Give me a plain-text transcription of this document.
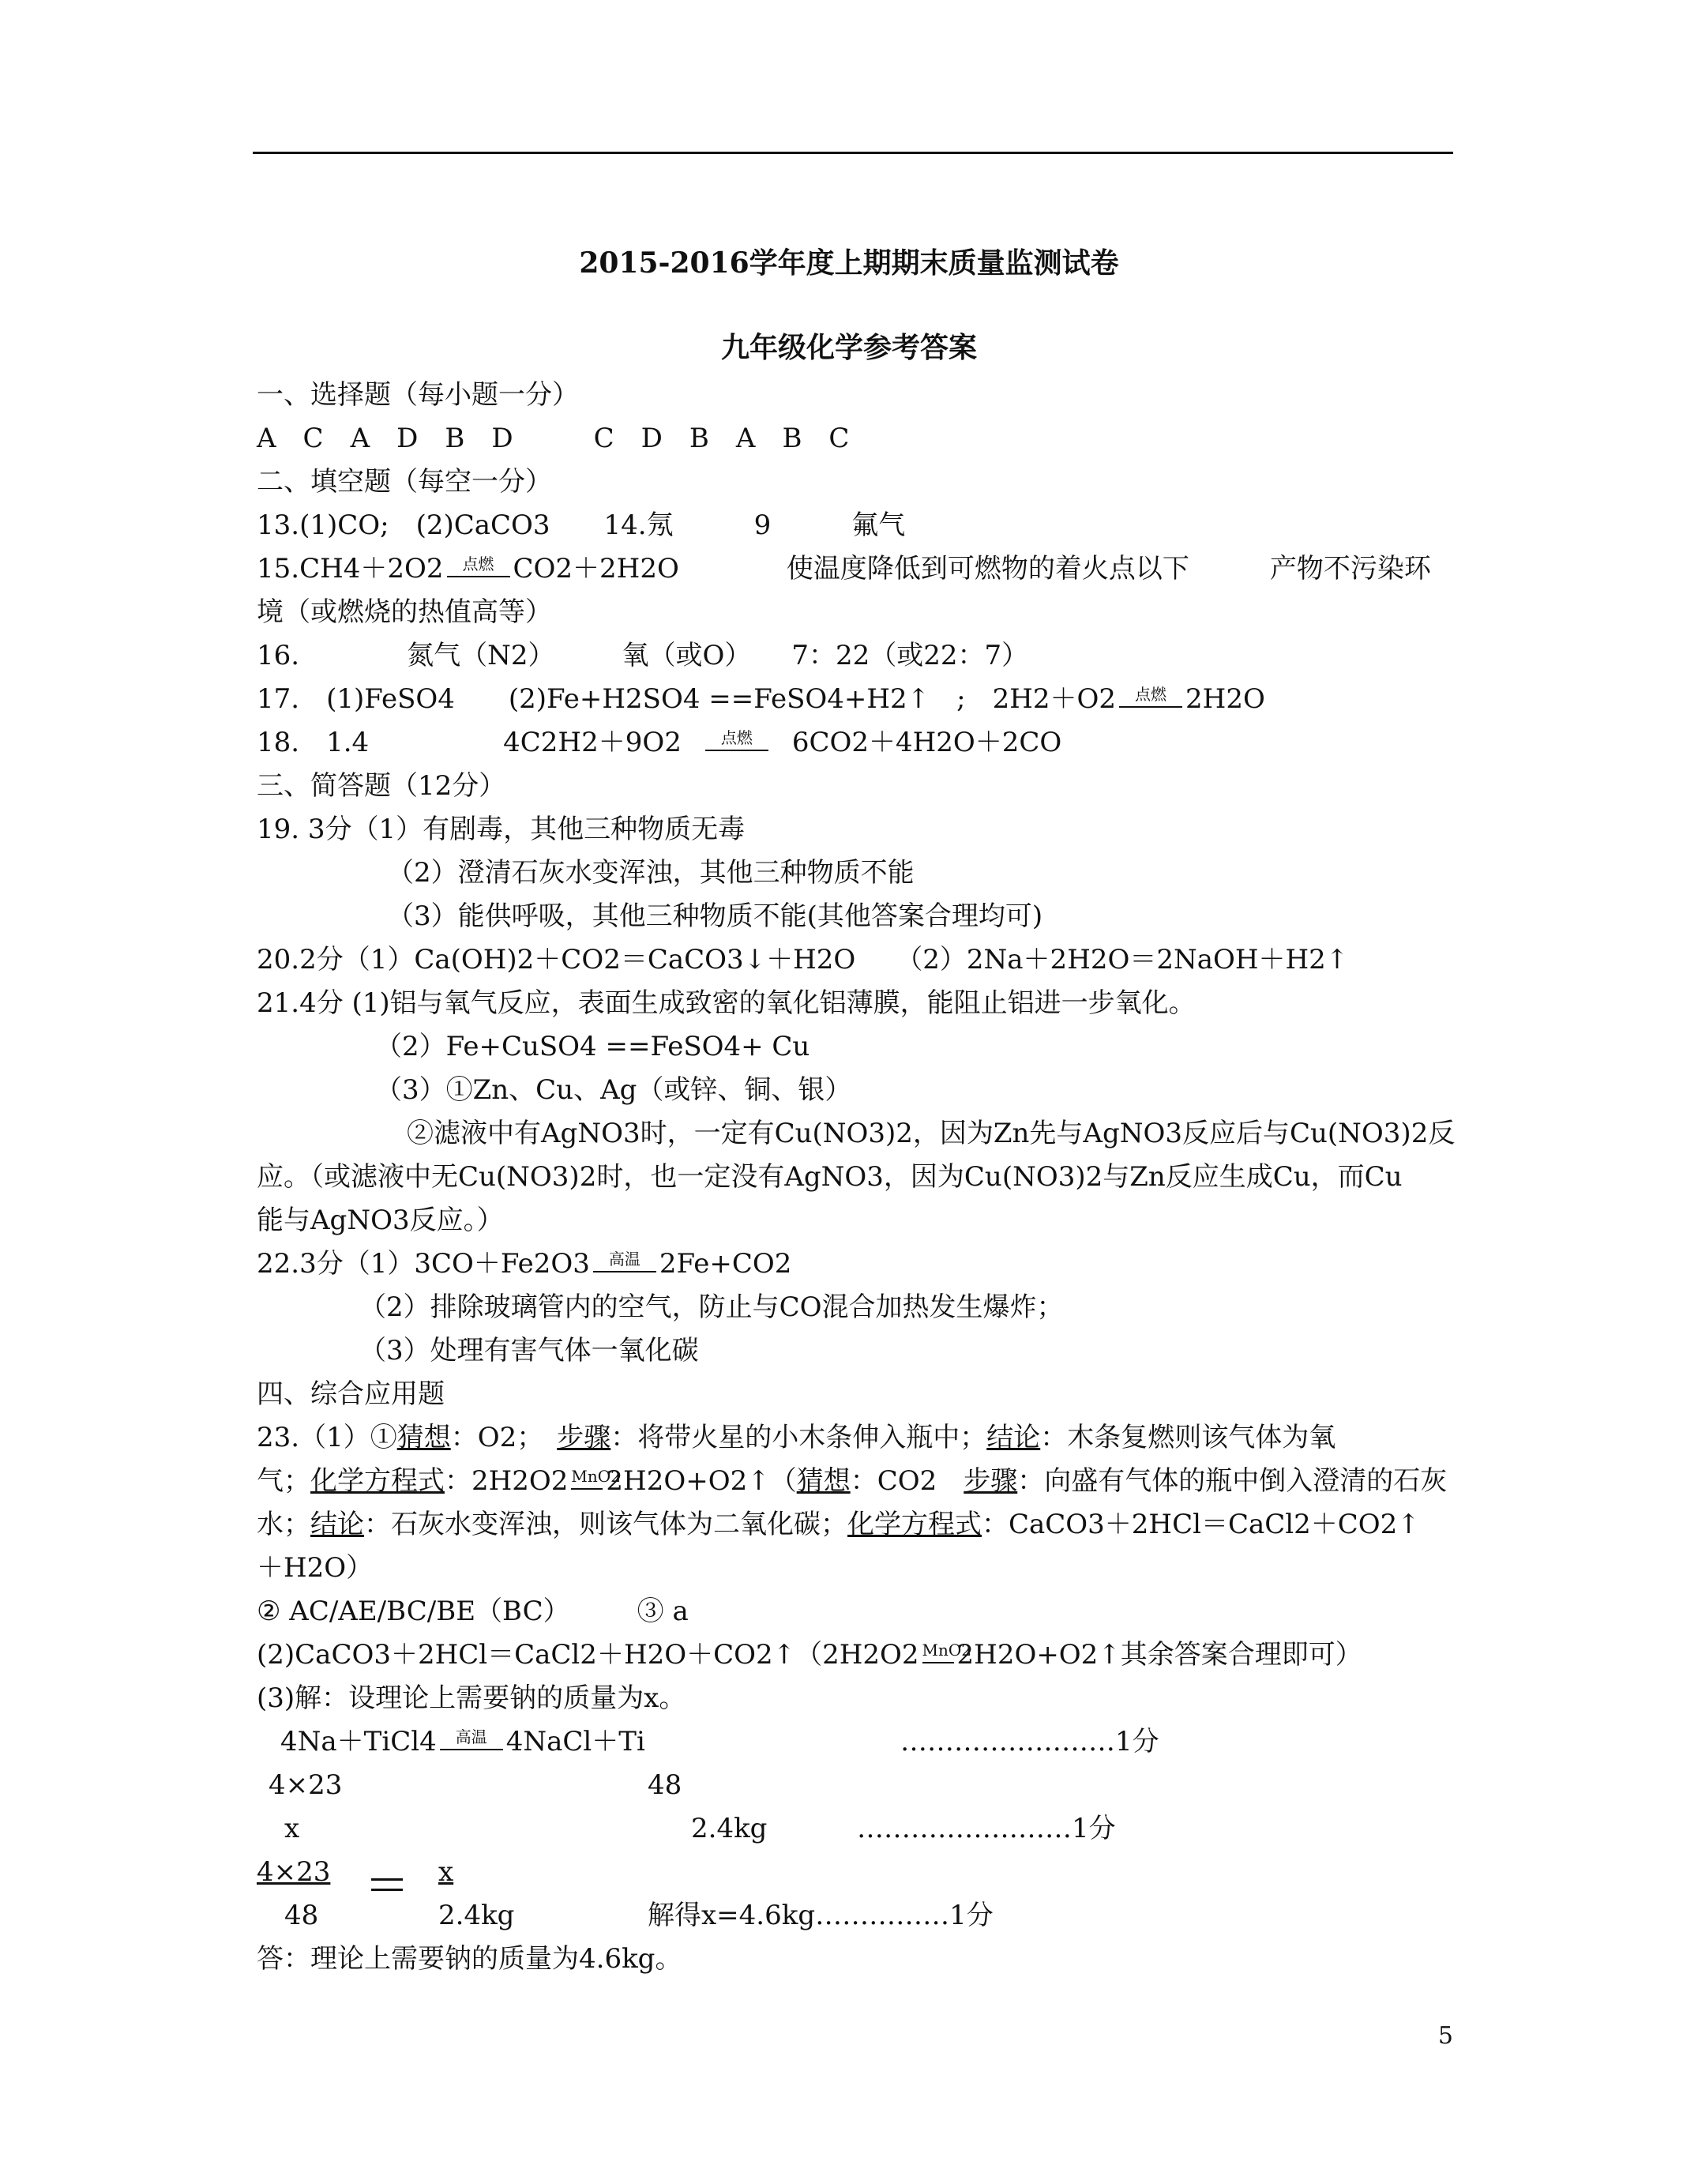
2015-2016学年度上期期末质量监测试卷
九年级化学参考答案
一、选择题（每小题一分）
A　C　A　D　B　D　　　C　D　B　A　B　C
二、填空题（每空一分）
13.(1)CO;　(2)CaCO3　　14.氖　　　9　　　氟气
15.CH4＋2O2	点燃 CO2＋2H2O　　　　使温度降低到可燃物的着火点以下　　　产物不污染环
境（或燃烧的热值高等）
16.　　　　氮气（N2）　　　氧（或O）　　7：22（或22：7）
17.　(1)FeSO4　　(2)Fe+H2SO4 ==FeSO4+H2↑　;　2H2＋O2	点燃 2H2O
18.　1.4　　　　　4C2H2＋9O2	点燃	6CO2＋4H2O＋2CO
三、简答题（12分）
19. 3分（1）有剧毒，其他三种物质无毒
（2）澄清石灰水变浑浊，其他三种物质不能
（3）能供呼吸，其他三种物质不能(其他答案合理均可)
20.2分（1）Ca(OH)2＋CO2＝CaCO3↓＋H2O　　（2）2Na＋2H2O＝2NaOH＋H2↑
21.4分 (1)铝与氧气反应，表面生成致密的氧化铝薄膜，能阻止铝进一步氧化。
（2）Fe+CuSO4 ==FeSO4+ Cu
（3）①Zn、Cu、Ag（或锌、铜、银）
②滤液中有AgNO3时，一定有Cu(NO3)2，因为Zn先与AgNO3反应后与Cu(NO3)2反
应。（或滤液中无Cu(NO3)2时，也一定没有AgNO3，因为Cu(NO3)2与Zn反应生成Cu，而Cu
能与AgNO3反应。）
22.3分（1）3CO＋Fe2O3	高温 2Fe+CO2
（2）排除玻璃管内的空气，防止与CO混合加热发生爆炸；
（3）处理有害气体一氧化碳
四、综合应用题
23.（1）①猜想：O2；　步骤：将带火星的小木条伸入瓶中；结论：木条复燃则该气体为氧
气；化学方程式：2H2O2 MnO2
2H2O+O2↑（猜想：CO2　步骤：向盛有气体的瓶中倒入澄清的石灰
水；结论：石灰水变浑浊，则该气体为二氧化碳；化学方程式：CaCO3＋2HCl＝CaCl2＋CO2↑
＋H2O）
② AC/AE/BC/BE（BC）　　　③ a
(2)CaCO3＋2HCl＝CaCl2＋H2O＋CO2↑（2H2O2 MnO2
2H2O+O2↑其余答案合理即可）
(3)解：设理论上需要钠的质量为x。
4Na＋TiCl4	高温 4NaCl＋Ti	……………………1分
4×23	48
x	2.4kg	……………………1分
4×23	x
48	2.4kg	解得x=4.6kg……………1分
答：理论上需要钠的质量为4.6kg。
5
